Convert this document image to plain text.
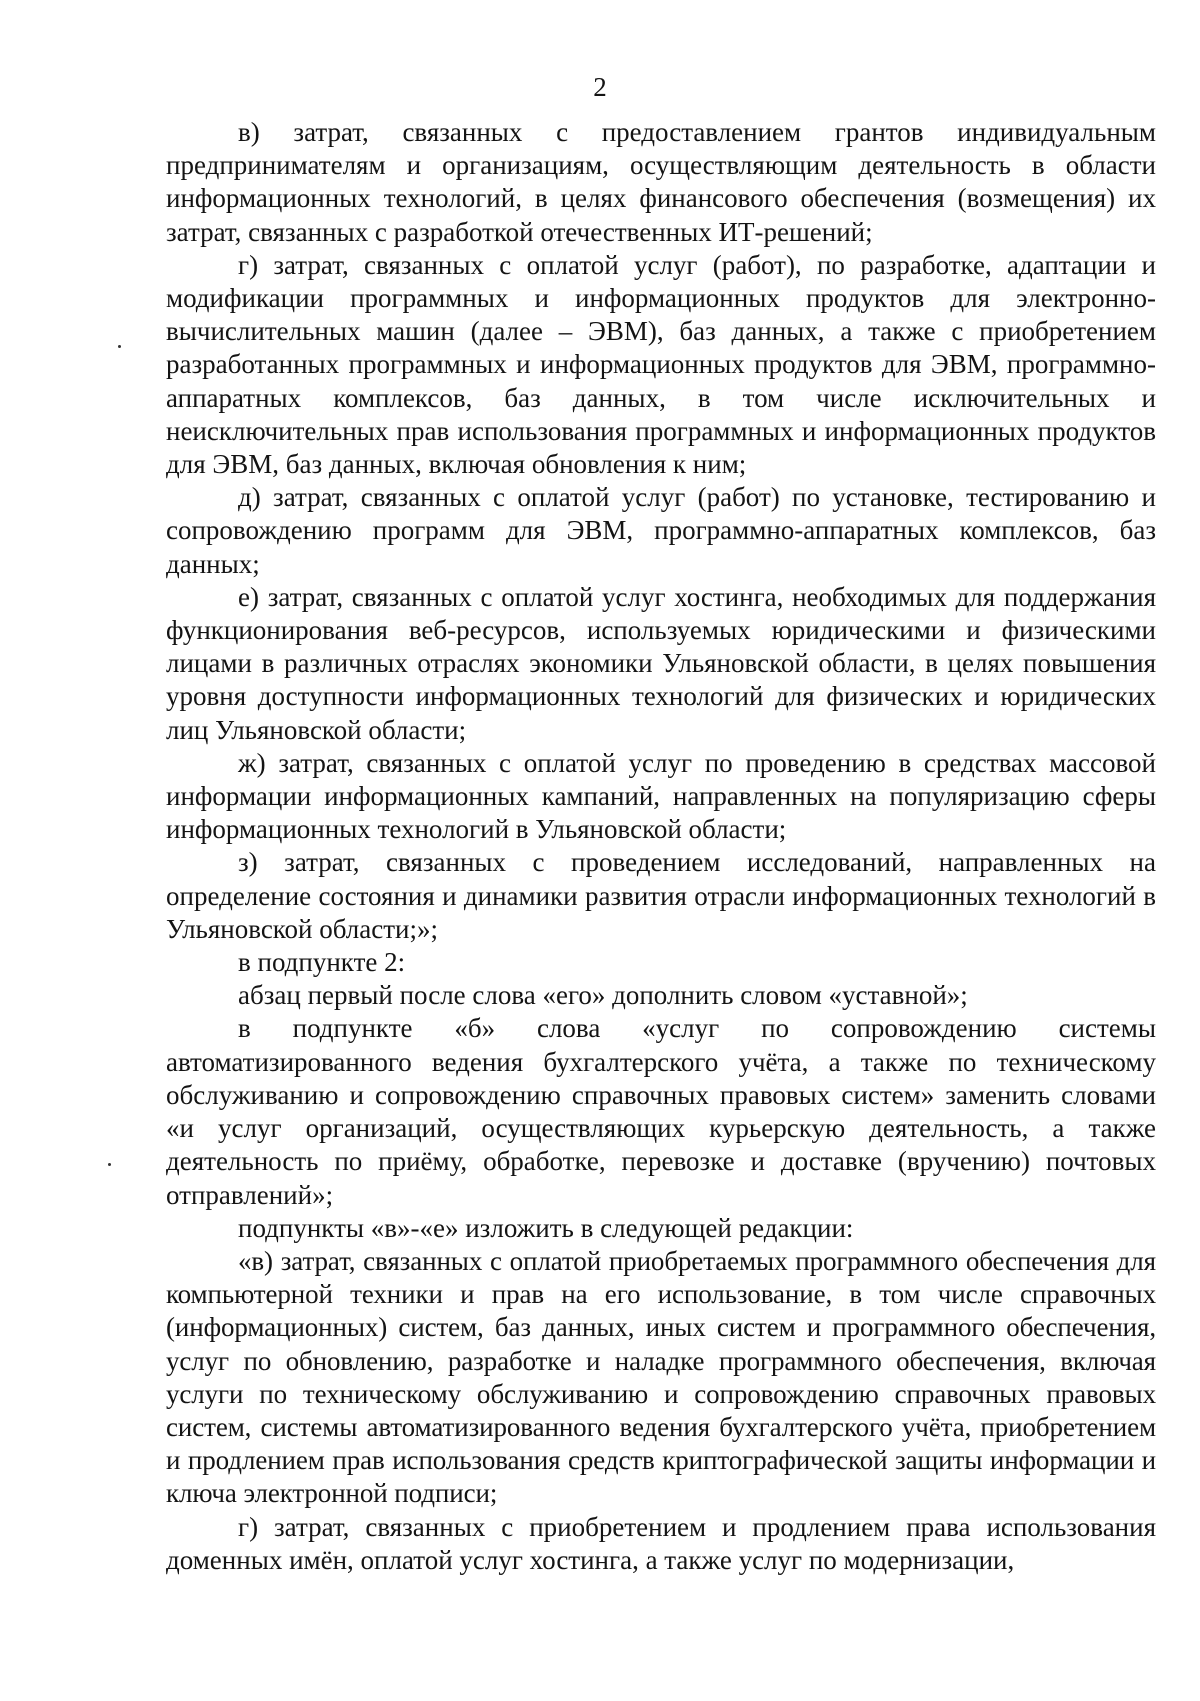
2

в) затрат, связанных с предоставлением грантов индивидуальным предпринимателям и организациям, осуществляющим деятельность в области информационных технологий, в целях финансового обеспечения (возмещения) их затрат, связанных с разработкой отечественных ИТ-решений;

г) затрат, связанных с оплатой услуг (работ), по разработке, адаптации и модификации программных и информационных продуктов для электронно-вычислительных машин (далее – ЭВМ), баз данных, а также с приобретением разработанных программных и информационных продуктов для ЭВМ, программно-аппаратных комплексов, баз данных, в том числе исключительных и неисключительных прав использования программных и информационных продуктов для ЭВМ, баз данных, включая обновления к ним;

д) затрат, связанных с оплатой услуг (работ) по установке, тестированию и сопровождению программ для ЭВМ, программно-аппаратных комплексов, баз данных;

е) затрат, связанных с оплатой услуг хостинга, необходимых для поддержания функционирования веб-ресурсов, используемых юридическими и физическими лицами в различных отраслях экономики Ульяновской области, в целях повышения уровня доступности информационных технологий для физических и юридических лиц Ульяновской области;

ж) затрат, связанных с оплатой услуг по проведению в средствах массовой информации информационных кампаний, направленных на популяризацию сферы информационных технологий в Ульяновской области;

з) затрат, связанных с проведением исследований, направленных на определение состояния и динамики развития отрасли информационных технологий в Ульяновской области;»;

в подпункте 2:

абзац первый после слова «его» дополнить словом «уставной»;

в подпункте «б» слова «услуг по сопровождению системы автоматизированного ведения бухгалтерского учёта, а также по техническому обслуживанию и сопровождению справочных правовых систем» заменить словами «и услуг организаций, осуществляющих курьерскую деятельность, а также деятельность по приёму, обработке, перевозке и доставке (вручению) почтовых отправлений»;

подпункты «в»-«е» изложить в следующей редакции:

«в) затрат, связанных с оплатой приобретаемых программного обеспечения для компьютерной техники и прав на его использование, в том числе справочных (информационных) систем, баз данных, иных систем и программного обеспечения, услуг по обновлению, разработке и наладке программного обеспечения, включая услуги по техническому обслуживанию и сопровождению справочных правовых систем, системы автоматизированного ведения бухгалтерского учёта, приобретением и продлением прав использования средств криптографической защиты информации и ключа электронной подписи;

г) затрат, связанных с приобретением и продлением права использования доменных имён, оплатой услуг хостинга, а также услуг по модернизации,
